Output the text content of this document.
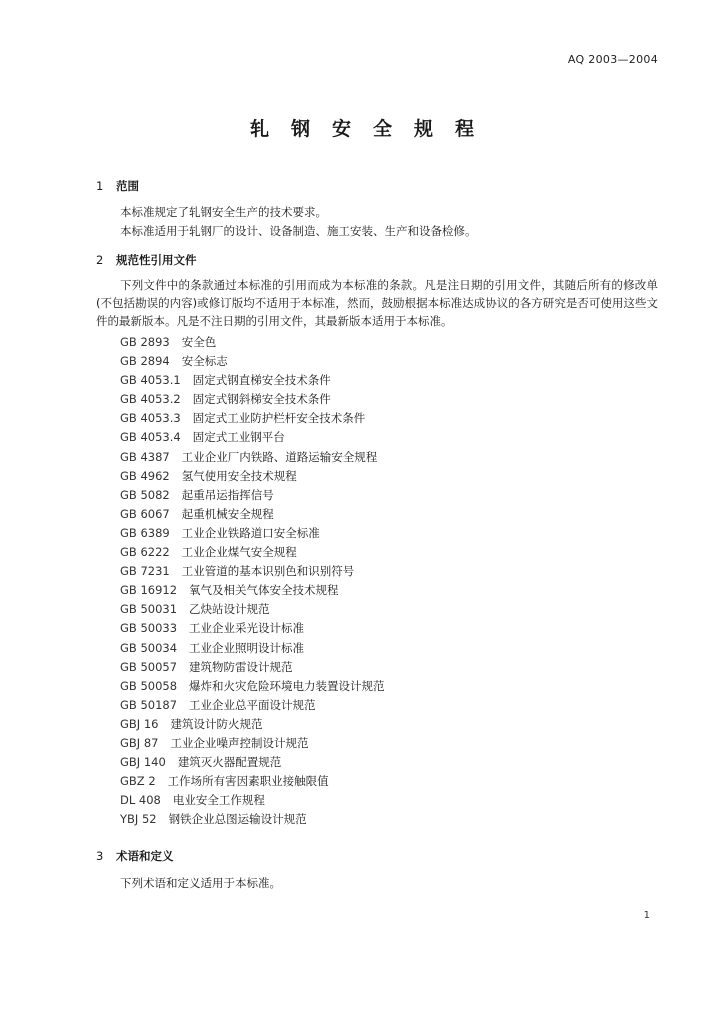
AQ 2003—2004
轧钢安全规程
1 范围
本标准规定了轧钢安全生产的技术要求。
本标准适用于轧钢厂的设计、设备制造、施工安装、生产和设备检修。
2 规范性引用文件
下列文件中的条款通过本标准的引用而成为本标准的条款。凡是注日期的引用文件，其随后所有的修改单(不包括勘误的内容)或修订版均不适用于本标准，然而，鼓励根据本标准达成协议的各方研究是否可使用这些文件的最新版本。凡是不注日期的引用文件，其最新版本适用于本标准。
GB 2893 安全色
GB 2894 安全标志
GB 4053.1 固定式钢直梯安全技术条件
GB 4053.2 固定式钢斜梯安全技术条件
GB 4053.3 固定式工业防护栏杆安全技术条件
GB 4053.4 固定式工业钢平台
GB 4387 工业企业厂内铁路、道路运输安全规程
GB 4962 氢气使用安全技术规程
GB 5082 起重吊运指挥信号
GB 6067 起重机械安全规程
GB 6389 工业企业铁路道口安全标准
GB 6222 工业企业煤气安全规程
GB 7231 工业管道的基本识别色和识别符号
GB 16912 氧气及相关气体安全技术规程
GB 50031 乙炔站设计规范
GB 50033 工业企业采光设计标准
GB 50034 工业企业照明设计标准
GB 50057 建筑物防雷设计规范
GB 50058 爆炸和火灾危险环境电力装置设计规范
GB 50187 工业企业总平面设计规范
GBJ 16 建筑设计防火规范
GBJ 87 工业企业噪声控制设计规范
GBJ 140 建筑灭火器配置规范
GBZ 2 工作场所有害因素职业接触限值
DL 408 电业安全工作规程
YBJ 52 钢铁企业总图运输设计规范
3 术语和定义
下列术语和定义适用于本标准。
1
